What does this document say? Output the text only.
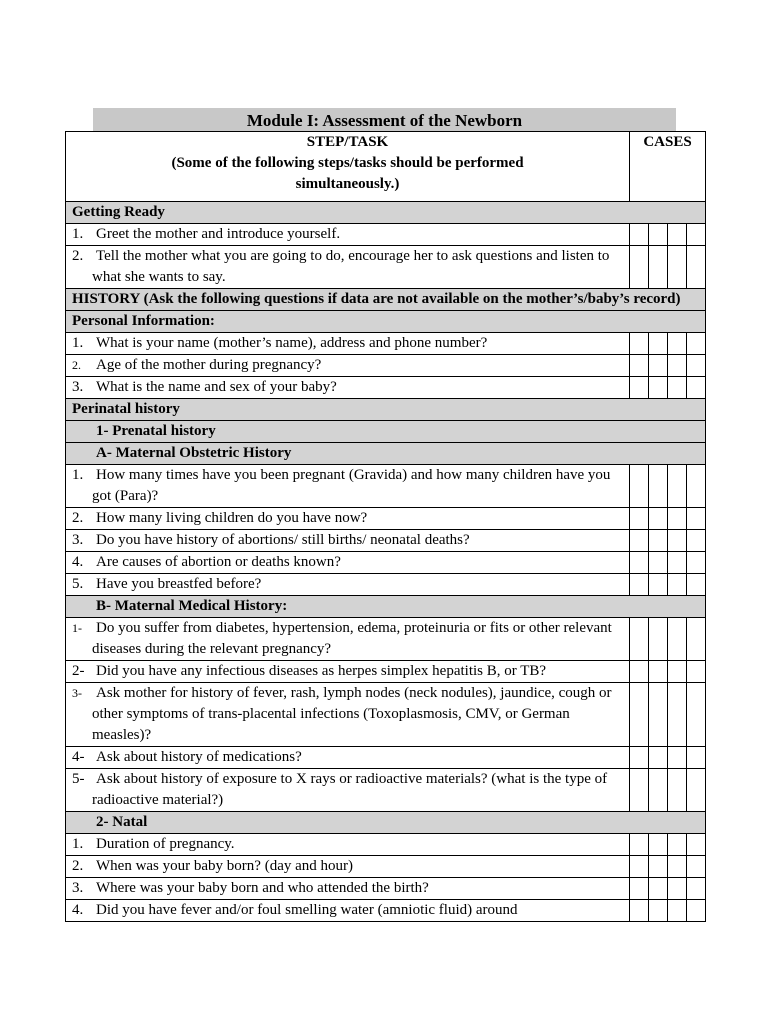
Module I: Assessment of the Newborn
STEP/TASK
(Some of the following steps/tasks should be performed simultaneously.)	CASES			
Getting Ready				
1. Greet the mother and introduce yourself.				
2. Tell the mother what you are going to do, encourage her to ask questions and listen to what she wants to say.				
HISTORY (Ask the following questions if data are not available on the mother’s/baby’s record)				
Personal Information:				
1. What is your name (mother’s name), address and phone number?				
2. Age of the mother during pregnancy?				
3. What is the name and sex of your baby?				
Perinatal history				
1- Prenatal history				
A- Maternal Obstetric History				
1. How many times have you been pregnant (Gravida) and how many children have you got (Para)?				
2. How many living children do you have now?				
3. Do you have history of abortions/ still births/ neonatal deaths?				
4. Are causes of abortion or deaths known?				
5. Have you breastfed before?				
B- Maternal Medical History:				
1- Do you suffer from diabetes, hypertension, edema, proteinuria or fits or other relevant diseases during the relevant pregnancy?				
2- Did you have any infectious diseases as herpes simplex hepatitis B, or TB?				
3- Ask mother for history of fever, rash, lymph nodes (neck nodules), jaundice, cough or other symptoms of trans-placental infections (Toxoplasmosis, CMV, or German measles)?				
4- Ask about history of medications?				
5- Ask about history of exposure to X rays or radioactive materials? (what is the type of radioactive material?)				
2- Natal				
1. Duration of pregnancy.				
2. When was your baby born? (day and hour)				
3. Where was your baby born and who attended the birth?				
4. Did you have fever and/or foul smelling water (amniotic fluid) around				
